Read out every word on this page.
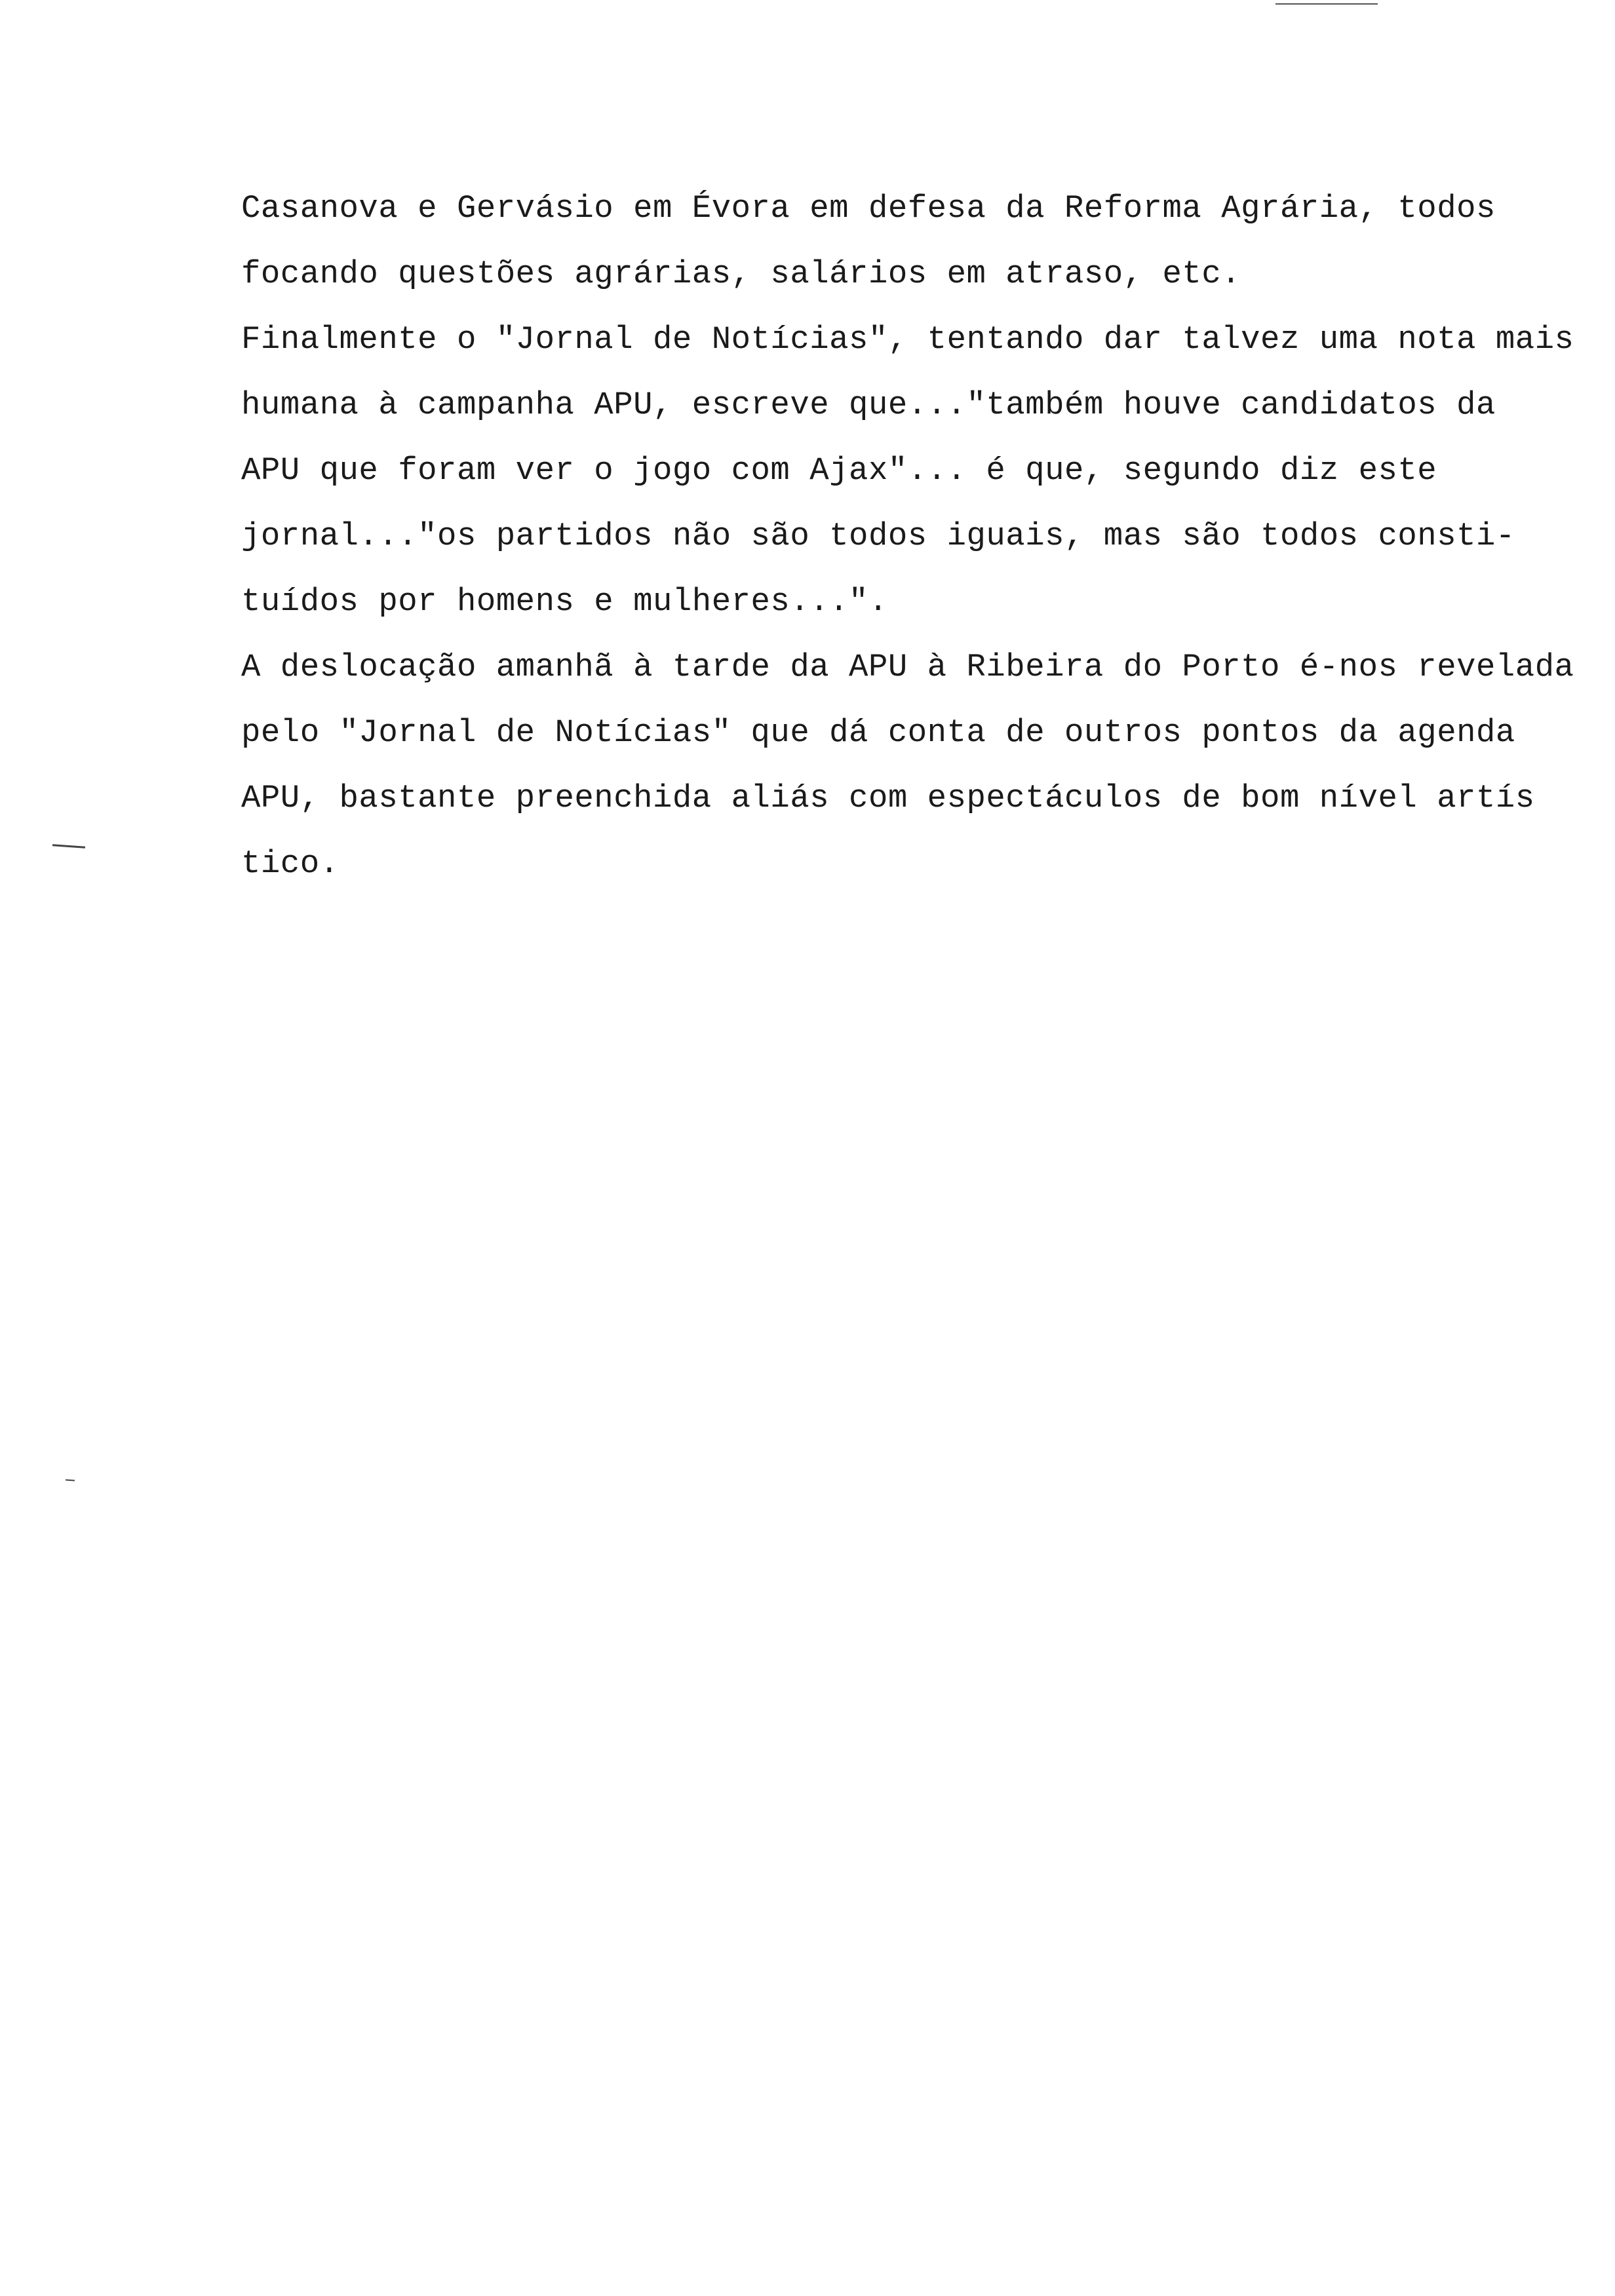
Casanova e Gervásio em Évora em defesa da Reforma Agrária, todos
focando questões agrárias, salários em atraso, etc.
Finalmente o "Jornal de Notícias", tentando dar talvez uma nota mais
humana à campanha APU, escreve que..."também houve candidatos da
APU que foram ver o jogo com Ajax"... é que, segundo diz este
jornal..."os partidos não são todos iguais, mas são todos consti-
tuídos por homens e mulheres...".
A deslocação amanhã à tarde da APU à Ribeira do Porto é-nos revelada
pelo "Jornal de Notícias" que dá conta de outros pontos da agenda
APU, bastante preenchida aliás com espectáculos de bom nível artís
tico.
